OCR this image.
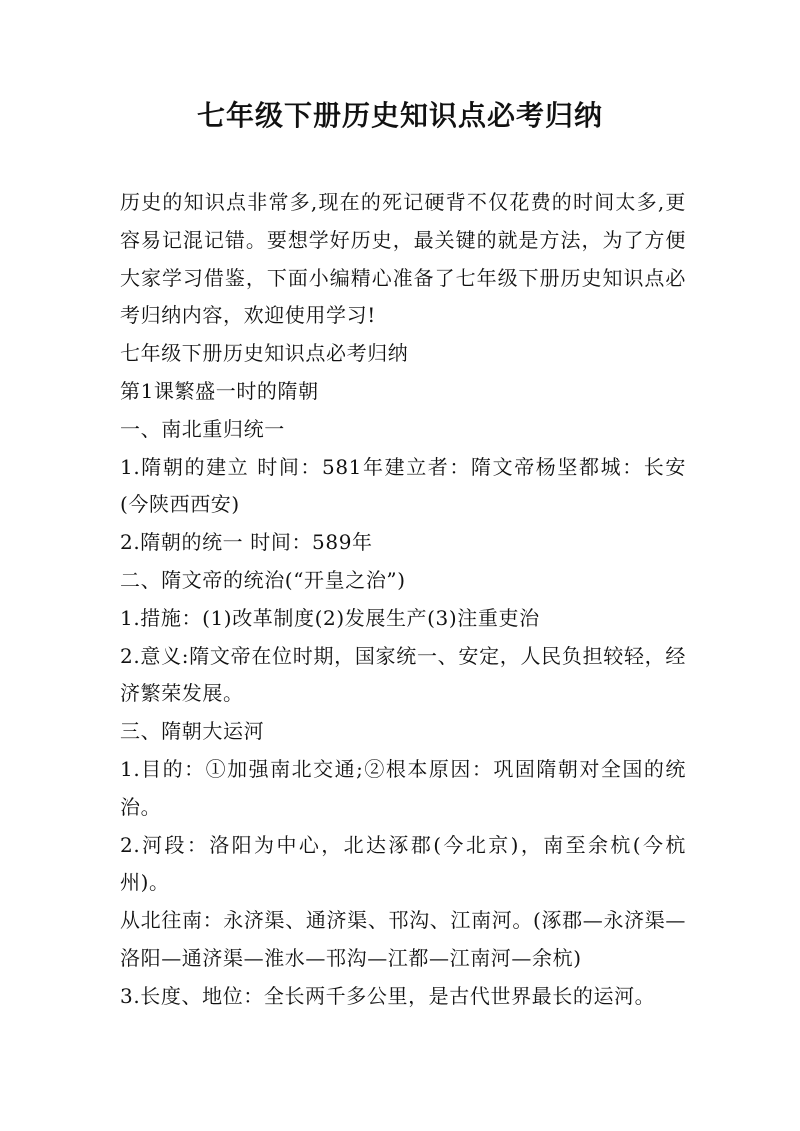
七年级下册历史知识点必考归纳

历史的知识点非常多,现在的死记硬背不仅花费的时间太多,更容易记混记错。要想学好历史，最关键的就是方法，为了方便大家学习借鉴，下面小编精心准备了七年级下册历史知识点必考归纳内容，欢迎使用学习!

七年级下册历史知识点必考归纳

第1课繁盛一时的隋朝

一、南北重归统一

1.隋朝的建立 时间：581年建立者：隋文帝杨坚都城：长安(今陕西西安)

2.隋朝的统一 时间：589年

二、隋文帝的统治(“开皇之治”)

1.措施：(1)改革制度(2)发展生产(3)注重吏治

2.意义:隋文帝在位时期，国家统一、安定，人民负担较轻，经济繁荣发展。

三、隋朝大运河

1.目的：①加强南北交通;②根本原因：巩固隋朝对全国的统治。

2.河段：洛阳为中心，北达涿郡(今北京)，南至余杭(今杭州)。

从北往南：永济渠、通济渠、邗沟、江南河。(涿郡—永济渠—洛阳—通济渠—淮水—邗沟—江都—江南河—余杭)

3.长度、地位：全长两千多公里，是古代世界最长的运河。
